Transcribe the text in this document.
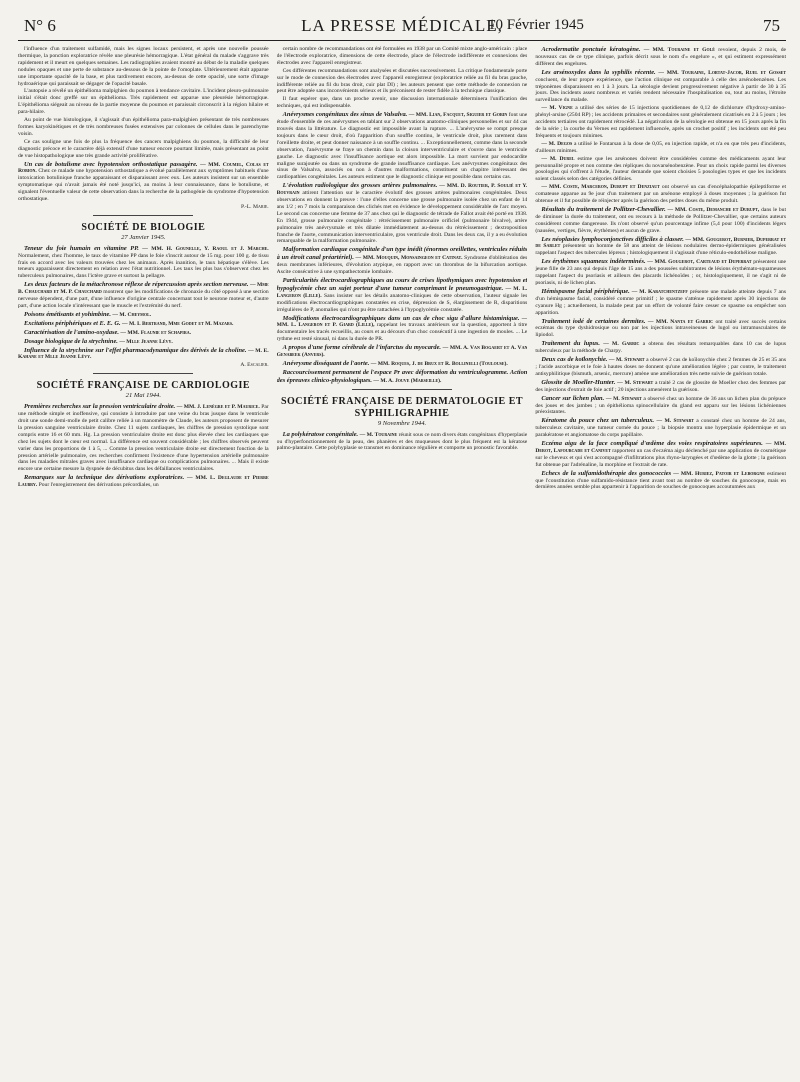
N° 6	LA PRESSE MÉDICALE,
10 Février 1945	75

l'influence d'un traitement sulfamidé, mais les signes locaux persistent, et après une nouvelle poussée thermique, la ponction exploratrice révèle une pleurésie hémorragique. L'état général du malade s'aggrave très rapidement et il meurt en quelques semaines. Les radiographies avaient montré au début de la maladie quelques nodules opaques et une perte de substance au-dessous de la pointe de l'omoplate. Ultérieurement était apparue une importante opacité de la base, et plus tardivement encore, au-dessus de cette opacité, une sorte d'image hydroaérique qui paraissait se dégager de l'opacité basale.

L'autopsie a révélé un épithélioma malpighien du poumon à tendance cavitaire. L'incident pleuro-pulmonaire initial s'était donc greffé sur un épithélioma. Très rapidement est apparue une pleurésie hémorragique. L'épithélioma siégeait au niveau de la partie moyenne du poumon et paraissait circonscrit à la région hilaire et para-hilaire.

Au point de vue histologique, il s'agissait d'un épithélioma para-malpighien présentant de très nombreuses formes karyokinétiques et de très nombreuses fusées extensives par colonnes de cellules dans le parenchyme voisin.

Ce cas souligne une fois de plus la fréquence des cancers malpighiens du poumon, la difficulté de leur diagnostic précoce et le caractère déjà extensif d'une tumeur encore pourtant limitée, mais présentant au point de vue histopathologique une très grande activité proliférative.

Un cas de botulisme avec hypotension orthostatique passagère. — MM. Coumel, Colas et Robion. Chez ce malade une hypotension orthostatique a évolué parallèlement aux symptômes habituels d'une intoxication botulinique franche apparaissant et disparaissant avec eux. Les auteurs insistent sur un ensemble symptomatique qui n'avait jamais été noté jusqu'ici, au moins à leur connaissance, dans le botulisme, et signalent l'éventuelle valeur de cette observation dans la recherche de la pathogénie du syndrome d'hypotension orthostatique.

P.-L. Marie.
SOCIÉTÉ DE BIOLOGIE
27 Janvier 1945.

Teneur du foie humain en vitamine PP. — MM. H. Gounelle, Y. Raoul et J. Marche. Normalement, chez l'homme, le taux de vitamine PP dans le foie s'inscrit autour de 15 mg. pour 100 g. de tissu frais en accord avec les valeurs trouvées chez les animaux. Après inanition, le taux hépatique s'élève. Les teneurs apparaissent directement en relation avec l'état nutritionnel. Les taux les plus bas s'observent chez les tuberculeux pulmonaires, dans l'ictère grave et surtout la pellagre.

Les deux facteurs de la métachronose réflexe de répercussion après section nerveuse. — Mme B. Chauchard et M. P. Chauchard montrent que les modifications de chronaxie du côté opposé à une section nerveuse dépendent, d'une part, d'une influence d'origine centrale concernant tout le neurone moteur et, d'autre part, d'une action locale n'intéressant que le muscle et l'extrémité du nerf.

Poisons émétisants et yohimbine. — M. Cheymol.

Excitations périphériques et E. E. G. — M. I. Bertrand, Mme Godet et M. Mazars.

Caractérisation de l'amino-oxydase. — MM. Flaunie et Schapira.

Dosage biologique de la strychnine. — Mlle Jeanne Lévy.

Influence de la strychnine sur l'effet pharmacodynamique des dérivés de la choline. — M. E. Kahane et Mlle Jeanne Lévy.

A. Escalier.
SOCIÉTÉ FRANÇAISE DE CARDIOLOGIE
21 Mai 1944.

Premières recherches sur la pression ventriculaire droite. — MM. J. Lenègre et P. Maurice. Par une méthode simple et inoffensive, qui consiste à introduire par une veine du bras jusque dans le ventricule droit une sonde demi-molle de petit calibre reliée à un manomètre de Claude, les auteurs proposent de mesurer la pression sanguine ventriculaire droite. Chez 11 sujets cardiaques, les chiffres de pression systolique sont compris entre 16 et 60 mm. Hg. La pression ventriculaire droite est donc plus élevée chez les cardiaques que chez les sujets dont le cœur est normal. La différence est souvent considérable ; les chiffres observés peuvent varier dans les proportions de 1 à 5, ... Comme la pression ventriculaire droite est directement fonction de la pression artérielle pulmonaire, ces recherches confirment l'existence d'une hypertension artérielle pulmonaire dans les maladies mitrales graves avec insuffisance cardiaque ou complications pulmonaires. ... Mais il existe encore une certaine mesure la dyspnée de décubitus dans les défaillances ventriculaires.

Remarques sur la technique des dérivations exploratrices. — MM. L. Deglaude et Pierre Laubry. Pour l'enregistrement des dérivations précordiales, un

certain nombre de recommandations ont été formulées en 1938 par un Comité mixte anglo-américain : place de l'électrode exploratrice, dimensions de cette électrode, place de l'électrode indifférente et connexions des électrodes avec l'appareil enregistreur.

Ces différentes recommandations sont analysées et discutées successivement. La critique fondamentale porte sur le mode de connexion des électrodes avec l'appareil enregistreur (exploratrice reliée au fil du bras gauche, indifférente reliée au fil du bras droit, cuir plat DI) ; les auteurs pensent que cette méthode de connexion ne peut être adoptée sans inconvénients sérieux et ils préconisent de rester fidèle à la technique classique.

Il faut espérer que, dans un proche avenir, une discussion internationale déterminera l'unification des techniques, qui est indispensable.

Anévrysmes congénitaux des sinus de Valsalva. — MM. Lian, Facquet, Siguier et Gorin font une étude d'ensemble de ces anévrysmes en tablant sur 2 observations anatomo-cliniques personnelles et sur 44 cas trouvés dans la littérature. Le diagnostic est impossible avant la rupture. ... L'anévrysme se rompt presque toujours dans le cœur droit, d'où l'apparition d'un souffle continu, le ventricule droit, plus rarement dans l'oreillette droite, et peut donner naissance à un souffle continu. ... Exceptionnellement, comme dans la seconde observation, l'anévrysme se fraye un chemin dans la cloison interventriculaire et s'ouvre dans le ventricule gauche. Le diagnostic avec l'insuffisance aortique est alors impossible. La mort survient par endocardite maligne surajoutée ou dans un syndrome de grande insuffisance cardiaque. Les anévrysmes congénitaux des sinus de Valsalva, associés ou non à d'autres malformations, constituent un chapitre intéressant des cardiopathies congénitales. Les auteurs estiment que le diagnostic clinique est possible dans certains cas.

L'évolution radiologique des grosses artères pulmonaires. — MM. D. Routier, P. Soulié et Y. Bouvrain attirent l'attention sur le caractère évolutif des grosses artères pulmonaires congénitales. Deux observations en donnent la preuve : l'une d'elles concerne une grosse pulmonaire isolée chez un enfant de 14 ans 1/2 ; en 7 mois la comparaison des clichés met en évidence le développement considérable de l'arc moyen. Le second cas concerne une femme de 37 ans chez qui le diagnostic de tétrade de Fallot avait été porté en 1938. En 1944, grosse pulmonaire congénitale : rétrécissement pulmonaire orificiel (pulmonaire bivalve), artère pulmonaire très anévrysmale et très dilatée immédiatement au-dessus du rétrécissement ; dextroposition franche de l'aorte, communication interventriculaire, gros ventricule droit. Dans les deux cas, il y a eu évolution remarquable de la malformation pulmonaire.

Malformation cardiaque congénitale d'un type inédit (énormes oreillettes, ventricules réduits à un étroit canal préartériel). — MM. Mouquin, Monsaingeon et Catinat. Syndrome d'oblitération des deux membranes inférieures, d'évolution atypique, en rapport avec un thrombus de la bifurcation aortique. Ascite consécutive à une sympathectomie lombaire.

Particularités électrocardiographiques au cours de crises lipothymiques avec hypotension et hypoglycémie chez un sujet porteur d'une tumeur comprimant le pneumogastrique. — M. L. Langeron (Lille). Sans insister sur les détails anatomo-cliniques de cette observation, l'auteur signale les modifications électrocardiographiques constatées en crise, dépression de S, élargissement de R, disparitions irrégulières de P, anomalies qui n'ont pu être rattachées à l'hypoglycémie constatée.

Modifications électrocardiographiques dans un cas de choc sigu d'allure histaminique. — MM. L. Langeron et P. Giard (Lille), rappelant les travaux antérieurs sur la question, apportent à titre documentaire les tracés recueillis, au cours et au décours d'un choc consécutif à une ingestion de moules. ... Le rythme est resté sinusal, ni dans la durée de PR.

A propos d'une forme cérébrale de l'infarctus du myocarde. — MM. A. Van Bogaert et A. Van Genabeek (Anvers).

Anévrysme disséquant de l'aorte. — MM. Roques, J. de Brux et R. Bollinelli (Toulouse).

Raccourcissement permanent de l'espace Pr avec déformation du ventriculogramme. Action des épreuves clinico-physiologiques. — M. A. Jouve (Marseille).

SOCIÉTÉ FRANÇAISE DE DERMATOLOGIE ET SYPHILIGRAPHIE
9 Novembre 1944.

La polykératose congénitale. — M. Touraine réunit sous ce nom divers états congénitaux d'hyperplasie ou d'hyperfonctionnement de la peau, des phanères et des muqueuses dont le plus fréquent est la kératose palmo-plantaire. Cette polyhyplasie se transmet en dominance régulière et comporte un pronostic favorable.

Acrodermatite ponctuée kératogène. — MM. Touraine et Golé revoient, depuis 2 mois, de nouveaux cas de ce type clinique, parfois décrit sous le nom d'« engelure », et qui estiment expressément différent des engelures.

Les arsénoxydes dans la syphilis récente. — MM. Touraine, Lortat-Jacob, Ruel et Gosset concluent, de leur propre expérience, que l'action clinique est comparable à celle des arsénobenzènes. Les tréponèmes disparaissent en 1 à 3 jours. La sérologie devient progressivement négative à partir de 30 à 35 jours. Des incidents assez nombreux et variés rendent nécessaire l'hospitalisation ou, tout au moins, l'étroite surveillance du malade.

— M. Vigne a utilisé des séries de 15 injections quotidiennes de 0,12 de dichlorure d'hydroxy-amino-phényl-arsine (2504 RP) ; les accidents primaires et secondaires sont généralement cicatrisés en 2 à 5 jours ; les accidents tertiaires ont rapidement rétrocédé. La négativation de la sérologie est obtenue en 15 jours après la fin de la série ; la courbe du Vernes est rapidement influencée, après un crochet positif ; les incidents ont été peu fréquents et toujours minimes.

— M. Degos a utilisé le Fontarsan à la dose de 0,05, en injection rapide, et n'a eu que très peu d'incidents, d'ailleurs minimes.

— M. Durel estime que les arsénones doivent être considérées comme des médicaments ayant leur personnalité propre et non comme des répliques du novarsénobenzène. Pour un choix rapide parmi les diverses posologies qui s'offrent à l'étude, l'auteur demande que soient choisies 5 posologies types et que les incidents soient classés selon des catégories définies.

— MM. Coste, Marceron, Durupt et Denziaut ont observé un cas d'encéphalopathie épileptiforme et comateuse apparue au 9e jour d'un traitement par un arsénone employé à doses moyennes ; la guérison fut obtenue et il fut possible de réinjecter après la guérison des petites doses du même produit.

Résultats du traitement de Pollitzer-Chevallier. — MM. Coste, Demanche et Durupt, dans le but de diminuer la durée du traitement, ont eu recours à la méthode de Pollitzer-Chevallier, que certains auteurs considèrent comme dangereuse. Ils n'ont observé qu'un pourcentage infime (5,4 pour 100) d'incidents légers (nausées, vertiges, fièvre, érythèmes) et aucun de grave.

Les néoplasies lymphoconjonctives difficiles à classer. — MM. Gougerot, Burnier, Duperrat et de Sarlet présentent un homme de 58 ans atteint de lésions nodulaires dermo-épidermiques généralisées rappelant l'aspect des tubercules lépreux ; histologiquement il s'agissait d'une réticulo-endothéliose maligne.

Les érythèmes squameux indéterminés. — MM. Gougerot, Carteaud et Duperrat présentent une jeune fille de 23 ans qui depuis l'âge de 15 ans a des poussées subintrantes de lésions érythémato-squameuses rappelant l'aspect du psoriasis et ailleurs des placards lichénoïdes ; or, histologiquement, il ne s'agit ni de psoriasis, ni de lichen plan.

Hémispasme facial périphérique. — M. Karatchentzeff présente une malade atteinte depuis 7 ans d'un hémispasme facial, considéré comme primitif ; le spasme s'atténue rapidement après 30 injections de cyanure Hg ; actuellement, la malade peut par un effort de volonté faire cesser ce spasme ou empêcher son apparition.

Traitement iodé de certaines dermites. — MM. Nanta et Garric ont traité avec succès certains eczémas du type dyshidrosique ou non par les injections intraveineuses de lugol ou intramusculaires de lipiodol.

Traitement du lupus. — M. Garric a obtenu des résultats remarquables dans 10 cas de lupus tuberculeux par la méthode de Charpy.

Deux cas de koïlonychie. — M. Stewart a observé 2 cas de koïlonychie chez 2 femmes de 25 et 35 ans ; l'acide ascorbique et le foie à hautes doses ne donnent qu'une amélioration légère ; par contre, le traitement antisyphilitique (bismuth, arsenic, mercure) amène une amélioration très nette suivie de guérison totale.

Glossite de Moeller-Hunter. — M. Stewart a traité 2 cas de glossite de Moeller chez des femmes par des injections d'extrait de foie actif ; 20 injections amenèrent la guérison.

Cancer sur lichen plan. — M. Stewart a observé chez un homme de 36 ans un lichen plan du prépuce des joues et des jambes ; un épithélioma spinocellulaire du gland est apparu sur les lésions lichéniennes préexistantes.

Kératome du pouce chez un tuberculeux. — M. Stewart a constaté chez un homme de 24 ans, tuberculeux cavitaire, une tumeur cornée du pouce ; la biopsie montra une hyperplasie épidermique et un parakératose et angiomatose du corps papillaire.

Eczéma aigu de la face compliqué d'œdème des voies respiratoires supérieures. — MM. Derot, Lafourcade et Canivet rapportent un cas d'eczéma aigu déclenché par une application de cosmétique sur le cheveux et qui s'est accompagné d'infiltrations plus rhyno-laryngées et d'œdème de la glotte ; la guérison fut obtenue par l'adrénaline, la morphine et l'extrait de rate.

Echecs de la sulfamidothérapie des gonococcies — MM. Huriez, Patoir et Leborgne estiment que l'constitution d'une sulfamido-résistance tient avant tout au nombre de souches du gonocoque, mais en dernières années semble plus appartenir à l'apparition de souches de gonocoques accoutumées aux
